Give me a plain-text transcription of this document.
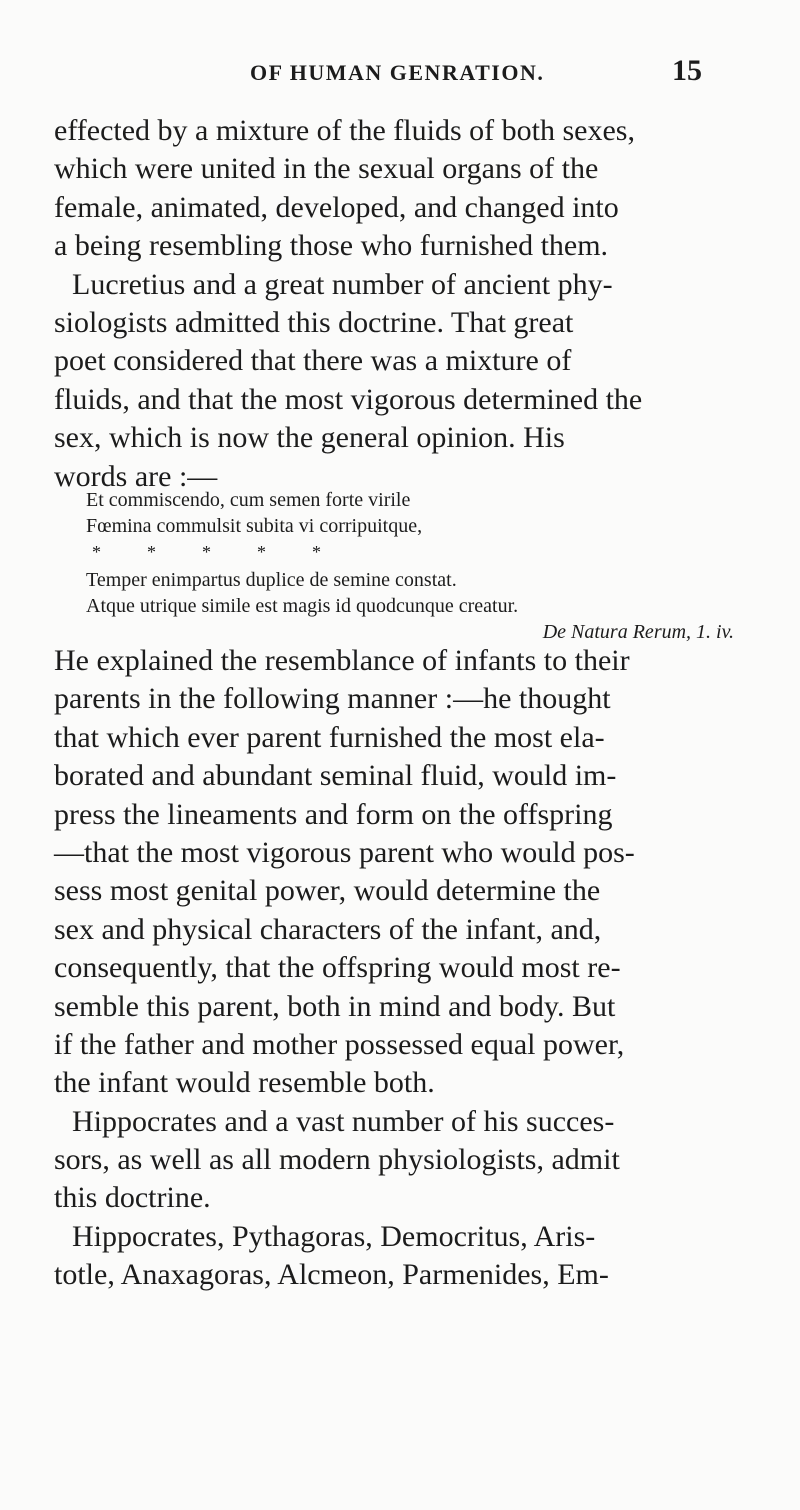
OF HUMAN GENRATION.	15
effected by a mixture of the fluids of both sexes,
which were united in the sexual organs of the
female, animated, developed, and changed into
a being resembling those who furnished them.
Lucretius and a great number of ancient phy-
siologists admitted this doctrine. That great
poet considered that there was a mixture of
fluids, and that the most vigorous determined the
sex, which is now the general opinion. His
words are :—
Et commiscendo, cum semen forte virile
Fœmina commulsit subita vi corripuitque,
*	*	*	*	*
Temper enimpartus duplice de semine constat.
Atque utrique simile est magis id quodcunque creatur.
De Natura Rerum, 1. iv.
He explained the resemblance of infants to their
parents in the following manner :—he thought
that which ever parent furnished the most ela-
borated and abundant seminal fluid, would im-
press the lineaments and form on the offspring
—that the most vigorous parent who would pos-
sess most genital power, would determine the
sex and physical characters of the infant, and,
consequently, that the offspring would most re-
semble this parent, both in mind and body. But
if the father and mother possessed equal power,
the infant would resemble both.
Hippocrates and a vast number of his succes-
sors, as well as all modern physiologists, admit
this doctrine.
Hippocrates, Pythagoras, Democritus, Aris-
totle, Anaxagoras, Alcmeon, Parmenides, Em-
